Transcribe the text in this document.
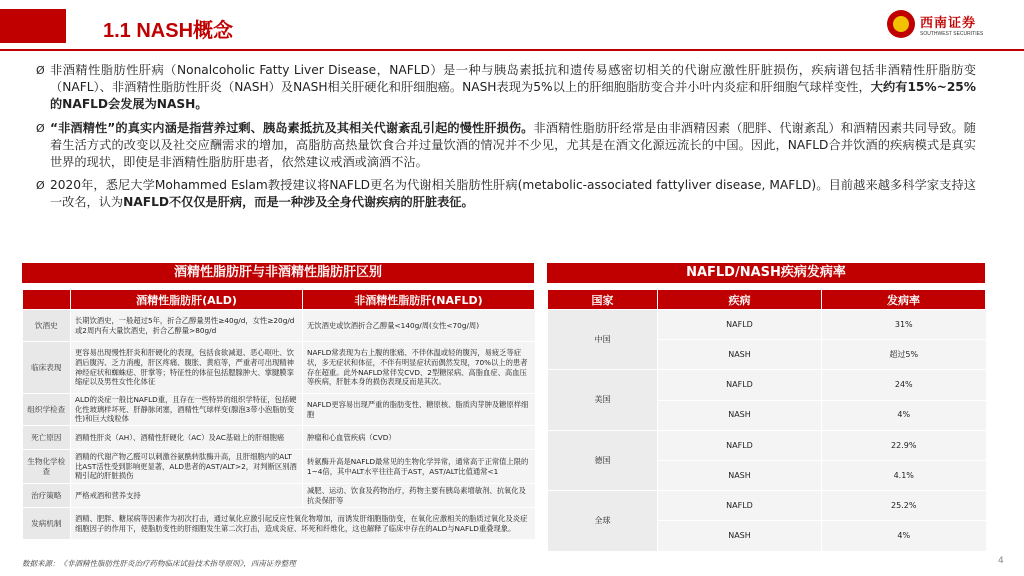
1.1 NASH概念	西南证券
SOUTHWEST SECURITIES
Ø 非酒精性脂肪性肝病（Nonalcoholic Fatty Liver Disease，NAFLD）是一种与胰岛素抵抗和遗传易感密切相关的代谢应激性肝脏损伤，疾病谱包括非酒精性肝脂肪变（NAFL）、非酒精性脂肪性肝炎（NASH）及NASH相关肝硬化和肝细胞癌。NASH表现为5%以上的肝细胞脂肪变合并小叶内炎症和肝细胞气球样变性，大约有15%~25%的NAFLD会发展为NASH。
Ø “非酒精性”的真实内涵是指营养过剩、胰岛素抵抗及其相关代谢紊乱引起的慢性肝损伤。非酒精性脂肪肝经常是由非酒精因素（肥胖、代谢紊乱）和酒精因素共同导致。随着生活方式的改变以及社交应酬需求的增加，高脂肪高热量饮食合并过量饮酒的情况并不少见，尤其是在酒文化源远流长的中国。因此，NAFLD合并饮酒的疾病模式是真实世界的现状，即使是非酒精性脂肪肝患者，依然建议戒酒或滴酒不沾。
Ø 2020年，悉尼大学Mohammed Eslam教授建议将NAFLD更名为代谢相关脂肪性肝病(metabolic-associated fattyliver disease, MAFLD)。目前越来越多科学家支持这一改名，认为NAFLD不仅仅是肝病，而是一种涉及全身代谢疾病的肝脏表征。
酒精性脂肪肝与非酒精性脂肪肝区别
	酒精性脂肪肝(ALD)	非酒精性脂肪肝(NAFLD)
饮酒史	长期饮酒史，一般超过5年，折合乙醇量男性≥40g/d，女性≥20g/d
或2周内有大量饮酒史，折合乙醇量>80g/d	无饮酒史或饮酒折合乙醇量<140g/周(女性<70g/周)
临床表现	更容易出现慢性肝炎和肝硬化的表现，包括食欲减退、恶心呕吐、饮酒后腹泻、乏力消瘦，肝区疼痛、腹胀、黄疸等，严重者可出现精神神经症状和蜘蛛痣、肝掌等；特征性的体征包括腮腺肿大、掌腱膜挛缩症以及男性女性化体征	NAFLD常表现为右上腹的胀痛、不伴休温或轻的腹泻，易疲乏等症状，多无症状和体征，不伴有明显症状而偶然发现，70%以上的患者存在超重。此外NAFLD常伴发CVD、2型糖尿病、高脂血症、高血压等疾病，肝脏本身的损伤表现反而是其次。
组织学检查	ALD的炎症一般比NAFLD重，且存在一些特异的组织学特征，包括硬化性玻璃样坏死、肝静脉闭塞，酒精性气球样变(腺泡3带小泡脂肪变性)和巨大线粒体	NAFLD更容易出现严重的脂肪变性、糖原核、脂质肉芽肿及糖原样细胞
死亡原因	酒精性肝炎（AH）、酒精性肝硬化（AC）及AC基础上的肝细胞癌	肿瘤和心血管疾病（CVD）
生物化学检查	酒精的代谢产物乙醛可以刺激谷氨酰转肽酶升高，且肝细胞内的ALT比AST活性受到影响更显著，ALD患者的AST/ALT>2，对判断区别酒精引起的肝脏损伤	转氨酶升高是NAFLD最常见的生物化学异常，通常高于正常值上限的1~4倍，其中ALT水平往往高于AST，AST/ALT比值通常<1
治疗策略	严格戒酒和营养支持	减肥、运动、饮食及药物治疗，药物主要有胰岛素增敏剂、抗氧化及抗炎保肝等
发病机制	酒精、肥胖、糖尿病等因素作为初次打击，通过氧化应激引起反应性氧化物增加，而诱发肝细胞脂肪变，在氧化应激相关的脂质过氧化及炎症细胞因子的作用下，使脂肪变性的肝细胞发生第二次打击，造成炎症、坏死和纤维化，这也解释了临床中存在的ALD与NAFLD重叠现象。	
NAFLD/NASH疾病发病率
国家	疾病	发病率
中国	NAFLD	31%
	NASH	超过5%
美国	NAFLD	24%
	NASH	4%
德国	NAFLD	22.9%
	NASH	4.1%
全球	NAFLD	25.2%
	NASH	4%
数据来源：《非酒精性脂肪性肝炎治疗药物临床试验技术指导原则》，西南证券整理	4
